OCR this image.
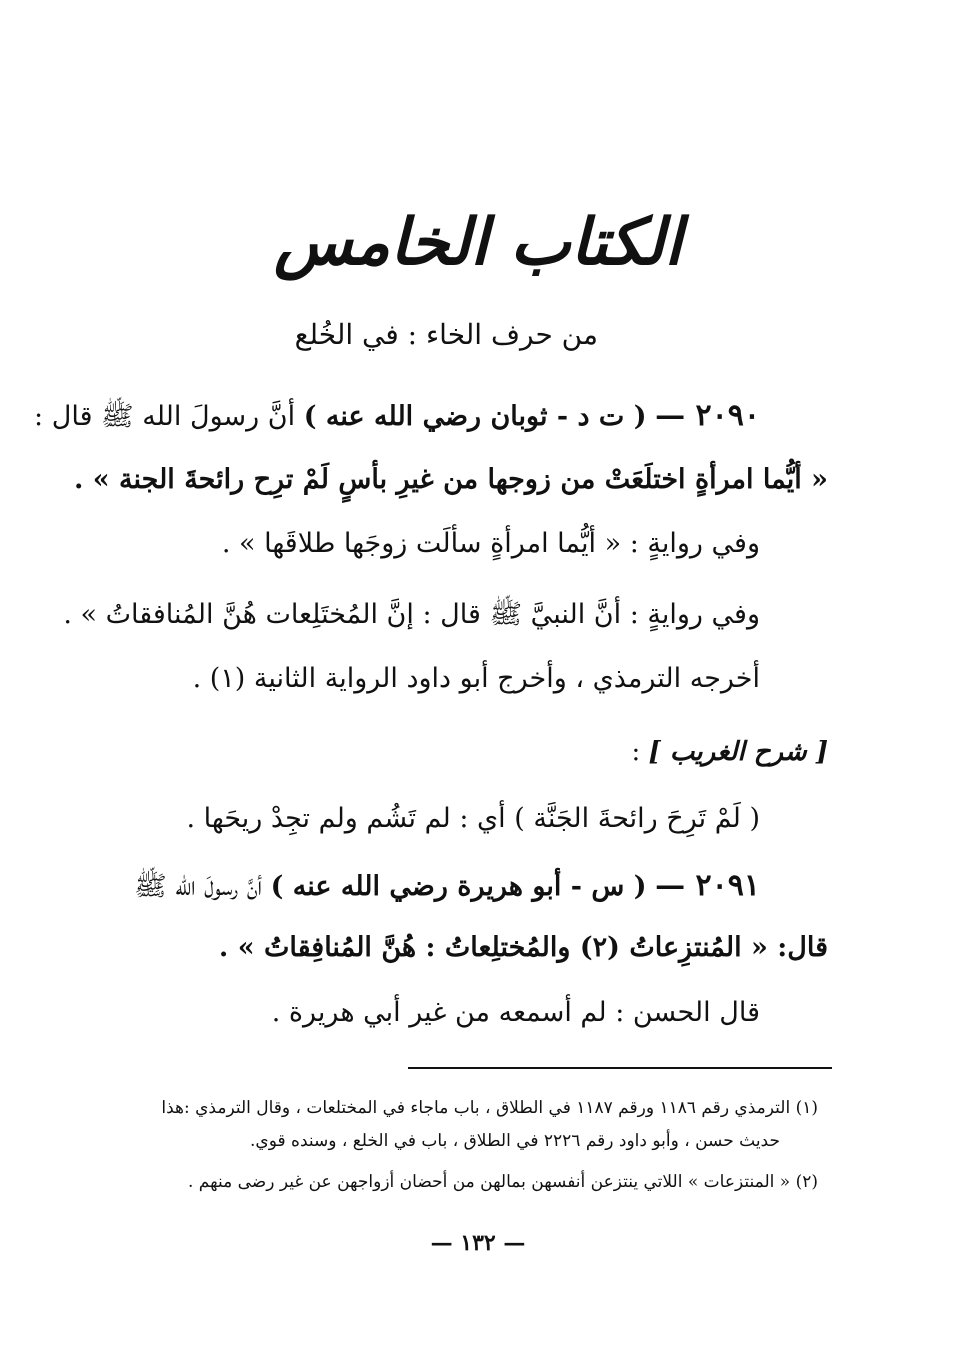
الكتاب الخامس
من حرف الخاء : في الخُلع
٢٠٩٠ — ( ت د - ثوبان رضي الله عنه ) أنَّ رسولَ الله ﷺ قال :
« أيُّما امرأةٍ اختلَعَتْ من زوجها من غيرِ بأسٍ لَمْ ترِح رائحةَ الجنة » .
وفي روايةٍ : « أيُّما امرأةٍ سألَت زوجَها طلاقَها » .
وفي روايةٍ : أنَّ النبيَّ ﷺ قال : إنَّ المُختَلِعات هُنَّ المُنافقاتُ » .
أخرجه الترمذي ، وأخرج أبو داود الرواية الثانية (١) .
[ شرح الغريب ] :
( لَمْ تَرِحَ رائحةَ الجَنَّة ) أي : لم تَشُم ولم تجِدْ ريحَها .
٢٠٩١ — ( س - أبو هريرة رضي الله عنه ) أنَّ رسولَ الله ﷺ
قال: « المُنتزِعاتُ (٢) والمُختلِعاتُ : هُنَّ المُنافِقاتُ » .
قال الحسن : لم أسمعه من غير أبي هريرة .
(١) الترمذي رقم ١١٨٦ ورقم ١١٨٧ في الطلاق ، باب ماجاء في المختلعات ، وقال الترمذي :هذا
حديث حسن ، وأبو داود رقم ٢٢٢٦ في الطلاق ، باب في الخلع ، وسنده قوي.
(٢) « المنتزعات » اللاتي ينتزعن أنفسهن بمالهن من أحضان أزواجهن عن غير رضى منهم .
— ١٣٢ —
